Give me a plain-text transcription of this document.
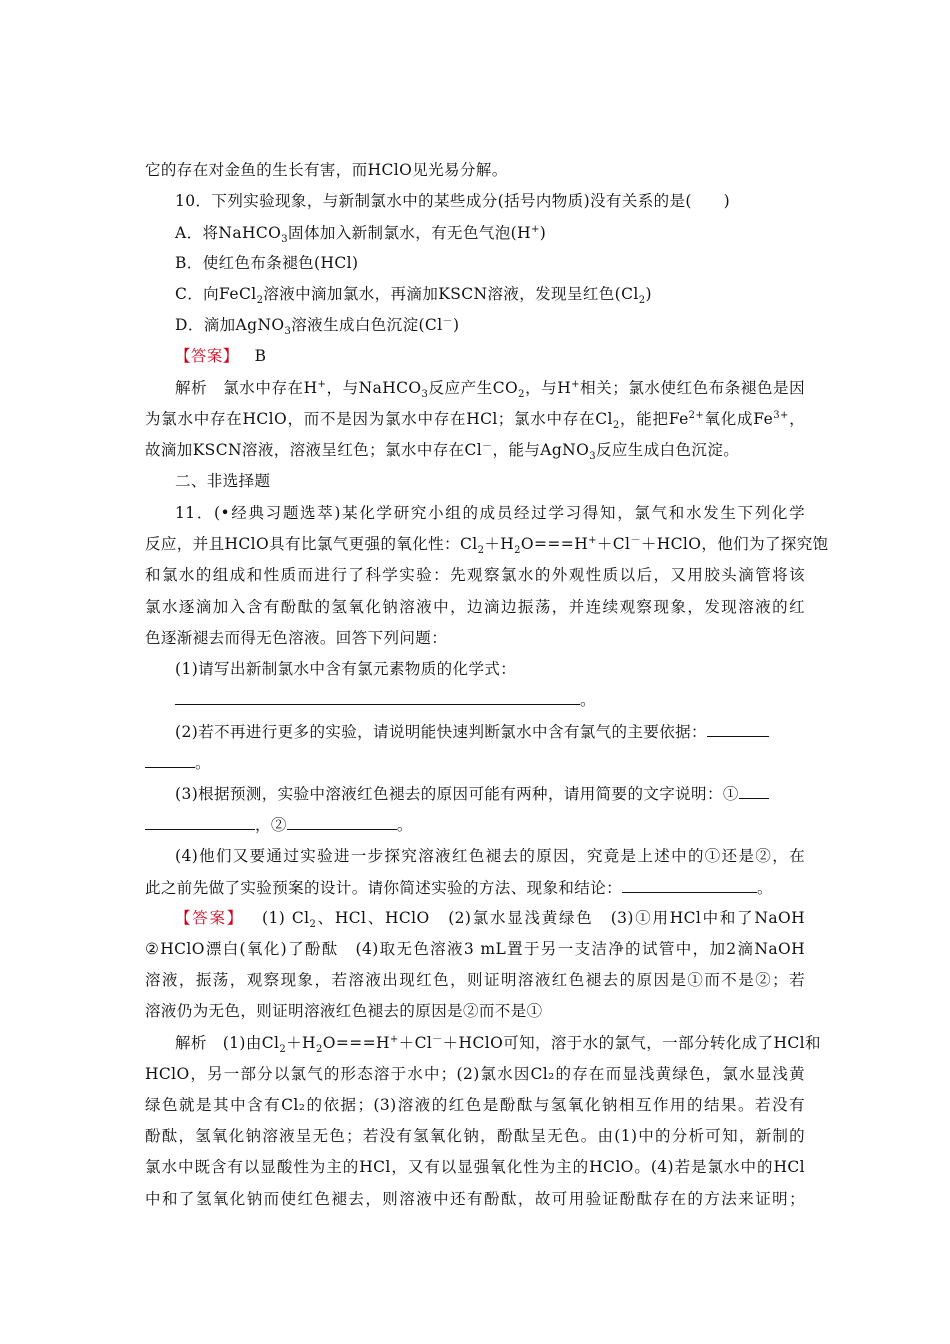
它的存在对金鱼的生长有害，而HClO见光易分解。
10．下列实验现象，与新制氯水中的某些成分(括号内物质)没有关系的是(　　)
A．将NaHCO$_3$固体加入新制氯水，有无色气泡(H+)
B．使红色布条褪色(HCl)
C．向FeCl$_2$溶液中滴加氯水，再滴加KSCN溶液，发现呈红色$(Cl_2)$
D．滴加AgNO$_3$溶液生成白色沉淀(Cl－)
【答案】 B
解析　氯水中存在H+，与NaHCO$_3$反应产生$CO_2$，与H+相关；氯水使红色布条褪色是因
为氯水中存在HClO，而不是因为氯水中存在HCl；氯水中存在$Cl_2$，能把$Fe^{2+}$氧化成$Fe^{3+}$，
故滴加KSCN溶液，溶液呈红色；氯水中存在Cl－，能与AgNO$_3$反应生成白色沉淀。
二、非选择题
11．(•经典习题选萃)某化学研究小组的成员经过学习得知，氯气和水发生下列化学
反应，并且HClO具有比氯气更强的氧化性：$Cl_2+H_2O===H^++Cl^-+HClO$，他们为了探究饱
和氯水的组成和性质而进行了科学实验：先观察氯水的外观性质以后，又用胶头滴管将该
氯水逐滴加入含有酚酞的氢氧化钠溶液中，边滴边振荡，并连续观察现象，发现溶液的红
色逐渐褪去而得无色溶液。回答下列问题：
(1)请写出新制氯水中含有氯元素物质的化学式：
。
(2)若不再进行更多的实验，请说明能快速判断氯水中含有氯气的主要依据：
。
(3)根据预测，实验中溶液红色褪去的原因可能有两种，请用简要的文字说明：①
，②	。
(4)他们又要通过实验进一步探究溶液红色褪去的原因，究竟是上述中的①还是②，在
此之前先做了实验预案的设计。请你简述实验的方法、现象和结论：	。
【答案】 (1) $Cl_2$、HCl、HClO　(2)氯水显浅黄绿色　(3)①用HCl中和了NaOH
②HClO漂白(氧化)了酚酞　(4)取无色溶液3 mL置于另一支洁净的试管中，加2滴NaOH
溶液，振荡，观察现象，若溶液出现红色，则证明溶液红色褪去的原因是①而不是②；若
溶液仍为无色，则证明溶液红色褪去的原因是②而不是①
解析　(1)由$Cl_2+H_2O===H^++Cl^-+HClO$可知，溶于水的氯气，一部分转化成了HCl和
HClO，另一部分以氯气的形态溶于水中；(2)氯水因Cl₂的存在而显浅黄绿色，氯水显浅黄
绿色就是其中含有Cl₂的依据；(3)溶液的红色是酚酞与氢氧化钠相互作用的结果。若没有
酚酞，氢氧化钠溶液呈无色；若没有氢氧化钠，酚酞呈无色。由(1)中的分析可知，新制的
氯水中既含有以显酸性为主的HCl，又有以显强氧化性为主的HClO。(4)若是氯水中的HCl
中和了氢氧化钠而使红色褪去，则溶液中还有酚酞，故可用验证酚酞存在的方法来证明；
